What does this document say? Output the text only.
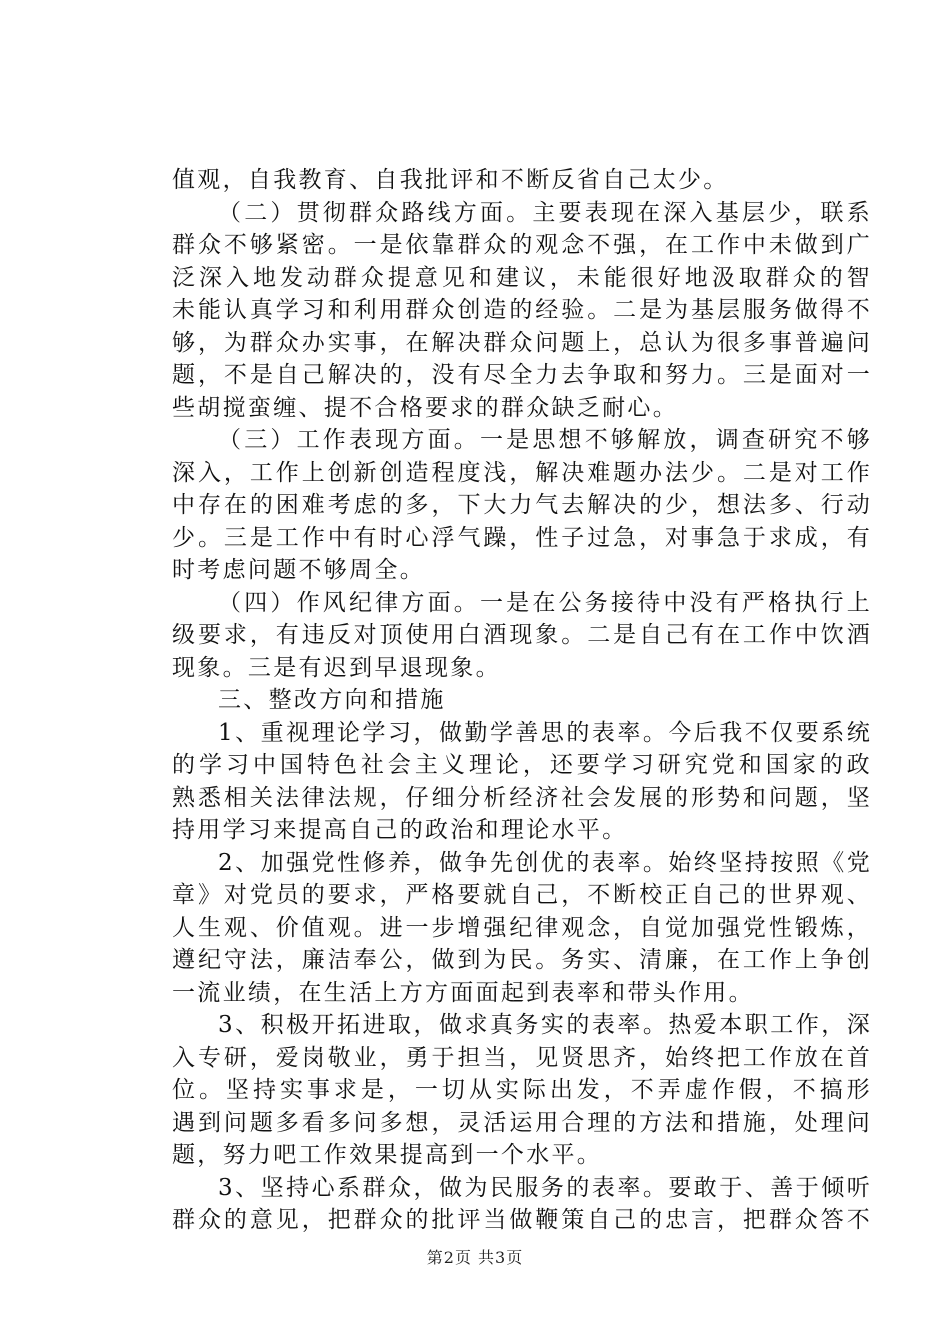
值观，自我教育、自我批评和不断反省自己太少。
（二）贯彻群众路线方面。主要表现在深入基层少，联系
群众不够紧密。一是依靠群众的观念不强，在工作中未做到广
泛深入地发动群众提意见和建议，未能很好地汲取群众的智
未能认真学习和利用群众创造的经验。二是为基层服务做得不
够，为群众办实事，在解决群众问题上，总认为很多事普遍问
题，不是自己解决的，没有尽全力去争取和努力。三是面对一
些胡搅蛮缠、提不合格要求的群众缺乏耐心。
（三）工作表现方面。一是思想不够解放，调查研究不够
深入，工作上创新创造程度浅，解决难题办法少。二是对工作
中存在的困难考虑的多，下大力气去解决的少，想法多、行动
少。三是工作中有时心浮气躁，性子过急，对事急于求成，有
时考虑问题不够周全。
（四）作风纪律方面。一是在公务接待中没有严格执行上
级要求，有违反对顶使用白酒现象。二是自己有在工作中饮酒
现象。三是有迟到早退现象。
三、整改方向和措施
1、重视理论学习，做勤学善思的表率。今后我不仅要系统
的学习中国特色社会主义理论，还要学习研究党和国家的政
熟悉相关法律法规，仔细分析经济社会发展的形势和问题，坚
持用学习来提高自己的政治和理论水平。
2、加强党性修养，做争先创优的表率。始终坚持按照《党
章》对党员的要求，严格要就自己，不断校正自己的世界观、
人生观、价值观。进一步增强纪律观念，自觉加强党性锻炼，
遵纪守法，廉洁奉公，做到为民。务实、清廉，在工作上争创
一流业绩，在生活上方方面面起到表率和带头作用。
3、积极开拓进取，做求真务实的表率。热爱本职工作，深
入专研，爱岗敬业，勇于担当，见贤思齐，始终把工作放在首
位。坚持实事求是，一切从实际出发，不弄虚作假，不搞形
遇到问题多看多问多想，灵活运用合理的方法和措施，处理问
题，努力吧工作效果提高到一个水平。
3、坚持心系群众，做为民服务的表率。要敢于、善于倾听
群众的意见，把群众的批评当做鞭策自己的忠言，把群众答不
第2页 共3页
